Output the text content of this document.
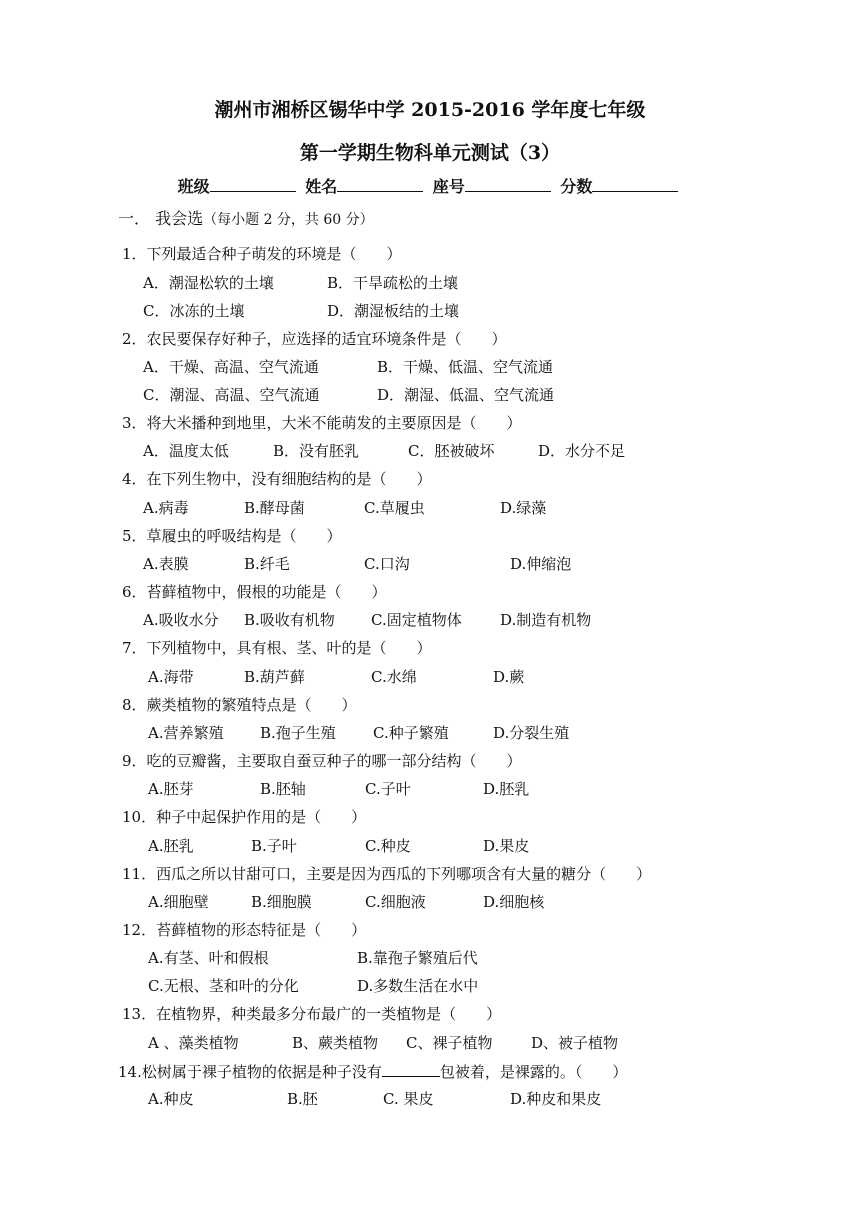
潮州市湘桥区锡华中学 2015-2016 学年度七年级
第一学期生物科单元测试（3）
班级	姓名	座号	分数
一． 我会选（每小题 2 分，共 60 分）
1．下列最适合种子萌发的环境是（　　）
A．潮湿松软的土壤	B．干旱疏松的土壤
C．冰冻的土壤	D．潮湿板结的土壤
2．农民要保存好种子，应选择的适宜环境条件是（　　）
A．干燥、高温、空气流通	B．干燥、低温、空气流通
C．潮湿、高温、空气流通	D．潮湿、低温、空气流通
3．将大米播种到地里，大米不能萌发的主要原因是（　　）
A．温度太低	B．没有胚乳	C．胚被破坏	D．水分不足
4．在下列生物中，没有细胞结构的是（　　）
A.病毒	B.酵母菌	C.草履虫	D.绿藻
5．草履虫的呼吸结构是（　　）
A.表膜	B.纤毛	C.口沟	D.伸缩泡
6．苔藓植物中，假根的功能是（　　）
A.吸收水分 B.吸收有机物 C.固定植物体	D.制造有机物
7．下列植物中，具有根、茎、叶的是（　　）
A.海带	B.葫芦藓	C.水绵	D.蕨
8．蕨类植物的繁殖特点是（　　）
A.营养繁殖 B.孢子生殖 C.种子繁殖	D.分裂生殖
9．吃的豆瓣酱，主要取自蚕豆种子的哪一部分结构（　　）
A.胚芽	B.胚轴	C.子叶	D.胚乳
10．种子中起保护作用的是（　　）
A.胚乳	B.子叶	C.种皮	D.果皮
11．西瓜之所以甘甜可口，主要是因为西瓜的下列哪项含有大量的糖分（　　）
A.细胞壁	B.细胞膜	C.细胞液	D.细胞核
12．苔藓植物的形态特征是（　　）
A.有茎、叶和假根	B.靠孢子繁殖后代
C.无根、茎和叶的分化	D.多数生活在水中
13．在植物界，种类最多分布最广的一类植物是（　　）
A 、藻类植物	B、蕨类植物 C、裸子植物	D、被子植物
14.松树属于裸子植物的依据是种子没有	包被着，是裸露的。（　　）
A.种皮	B.胚	C. 果皮	D.种皮和果皮
